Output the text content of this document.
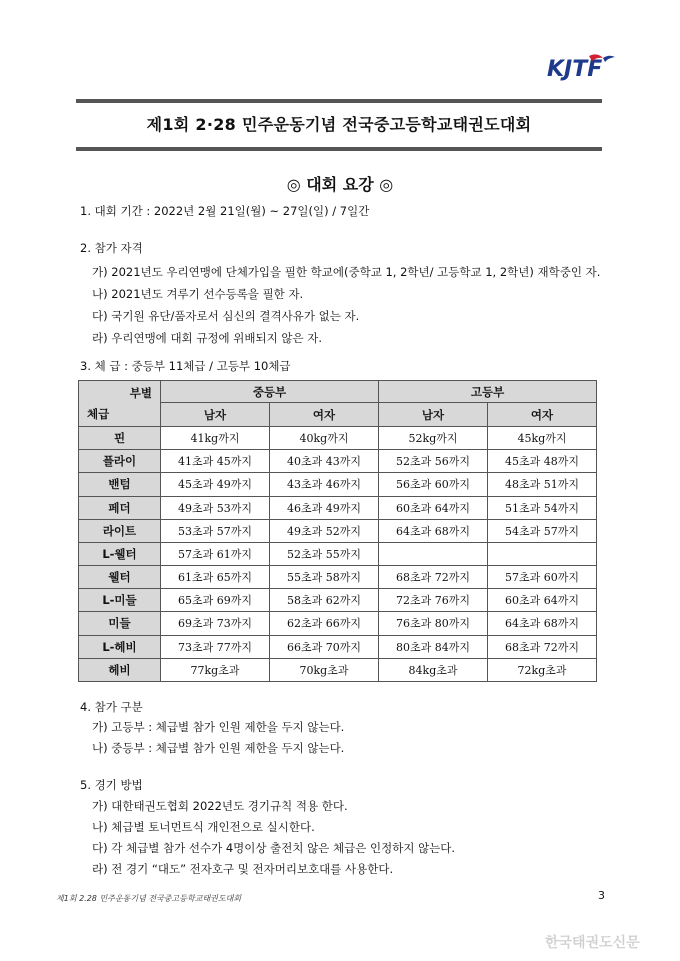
KJTF
제1회 2·28 민주운동기념 전국중고등학교태권도대회
◎ 대회 요강 ◎
1. 대회 기간 : 2022년 2월 21일(월) ~ 27일(일) / 7일간
2. 참가 자격
가) 2021년도 우리연맹에 단체가입을 필한 학교에(중학교 1, 2학년/ 고등학교 1, 2학년) 재학중인 자.
나) 2021년도 겨루기 선수등록을 필한 자.
다) 국기원 유단/품자로서 심신의 결격사유가 없는 자.
라) 우리연맹에 대회 규정에 위배되지 않은 자.
3. 체 급 : 중등부 11체급 / 고등부 10체급
부별
체급	중등부		고등부	
	남자	여자	남자	여자
핀	41kg까지	40kg까지	52kg까지	45kg까지
플라이	41초과 45까지	40초과 43까지	52초과 56까지	45초과 48까지
밴텀	45초과 49까지	43초과 46까지	56초과 60까지	48초과 51까지
페더	49초과 53까지	46초과 49까지	60초과 64까지	51초과 54까지
라이트	53초과 57까지	49초과 52까지	64초과 68까지	54초과 57까지
L-웰터	57초과 61까지	52초과 55까지		
웰터	61초과 65까지	55초과 58까지	68초과 72까지	57초과 60까지
L-미들	65초과 69까지	58초과 62까지	72초과 76까지	60초과 64까지
미들	69초과 73까지	62초과 66까지	76초과 80까지	64초과 68까지
L-헤비	73초과 77까지	66초과 70까지	80초과 84까지	68초과 72까지
헤비	77kg초과	70kg초과	84kg초과	72kg초과
4. 참가 구분
가) 고등부 : 체급별 참가 인원 제한을 두지 않는다.
나) 중등부 : 체급별 참가 인원 제한을 두지 않는다.
5. 경기 방법
가) 대한태권도협회 2022년도 경기규칙 적용 한다.
나) 체급별 토너먼트식 개인전으로 실시한다.
다) 각 체급별 참가 선수가 4명이상 출전치 않은 체급은 인정하지 않는다.
라) 전 경기 “대도” 전자호구 및 전자머리보호대를 사용한다.
제1회 2.28 민주운동기념 전국중고등학교태권도대회	3
한국태권도신문
